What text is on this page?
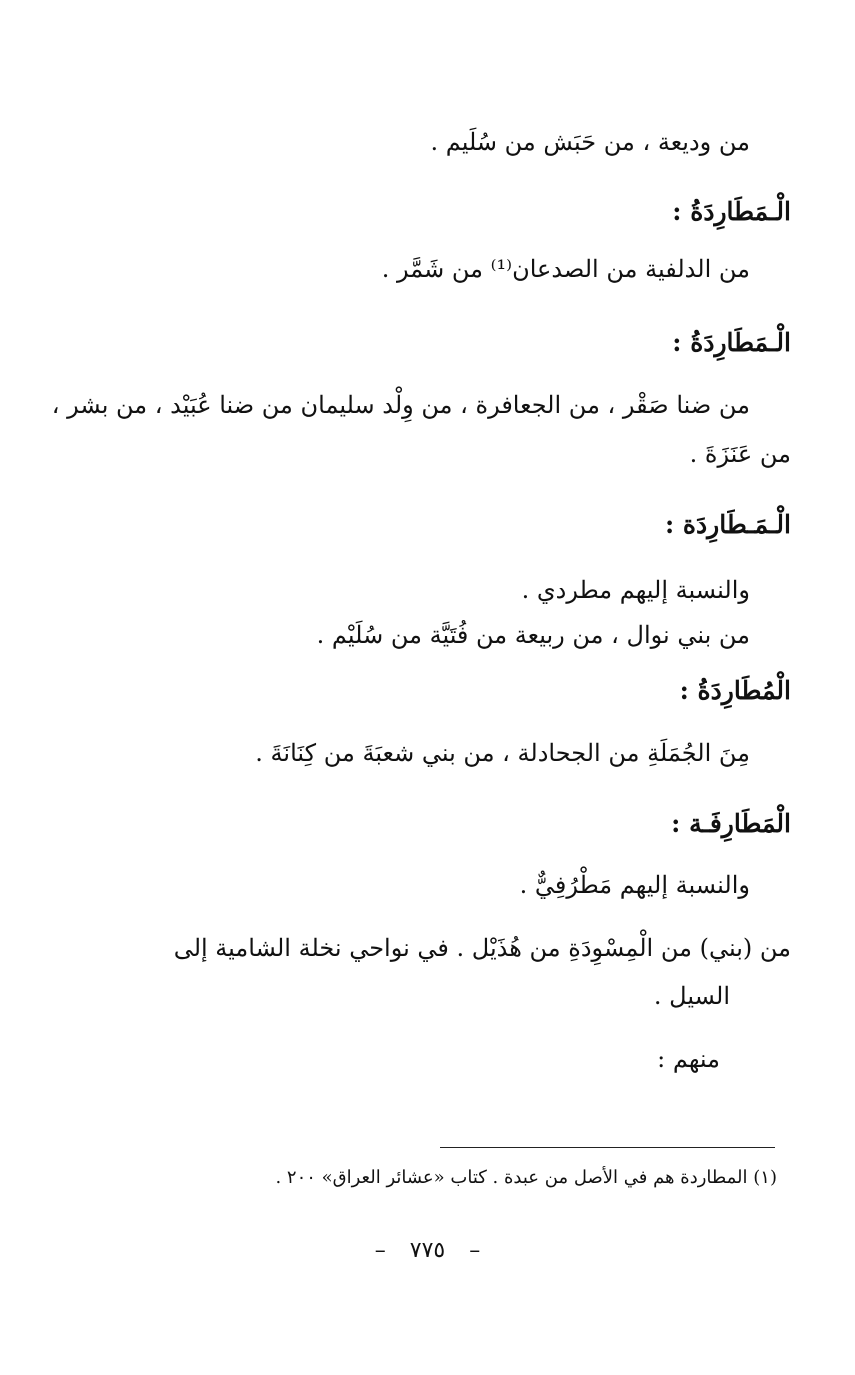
من وديعة ، من حَبَش من سُلَيم .
الْـمَطَارِدَةُ :
من الدلفية من الصدعان⁽¹⁾ من شَمَّر .
الْـمَطَارِدَةُ :
من ضنا صَقْر ، من الجعافرة ، من وِلْد سليمان من ضنا عُبَيْد ، من بشر ،
من عَنَزَةَ .
الْـمَـطَارِدَة :
والنسبة إليهم مطردي .
من بني نوال ، من ربيعة من فُتَيَّة من سُلَيْم .
الْمُطَارِدَةُ :
مِنَ الجُمَلَةِ من الجحادلة ، من بني شعبَةَ من كِنَانَةَ .
الْمَطَارِفَـة :
والنسبة إليهم مَطْرُفِيٌّ .
من (بني) من الْمِسْوِدَةِ من هُذَيْل . في نواحي نخلة الشامية إلى
السيل .
منهم :
(١) المطاردة هم في الأصل من عبدة . كتاب «عشائر العراق» ٢٠٠ .
– ٧٧٥ –
